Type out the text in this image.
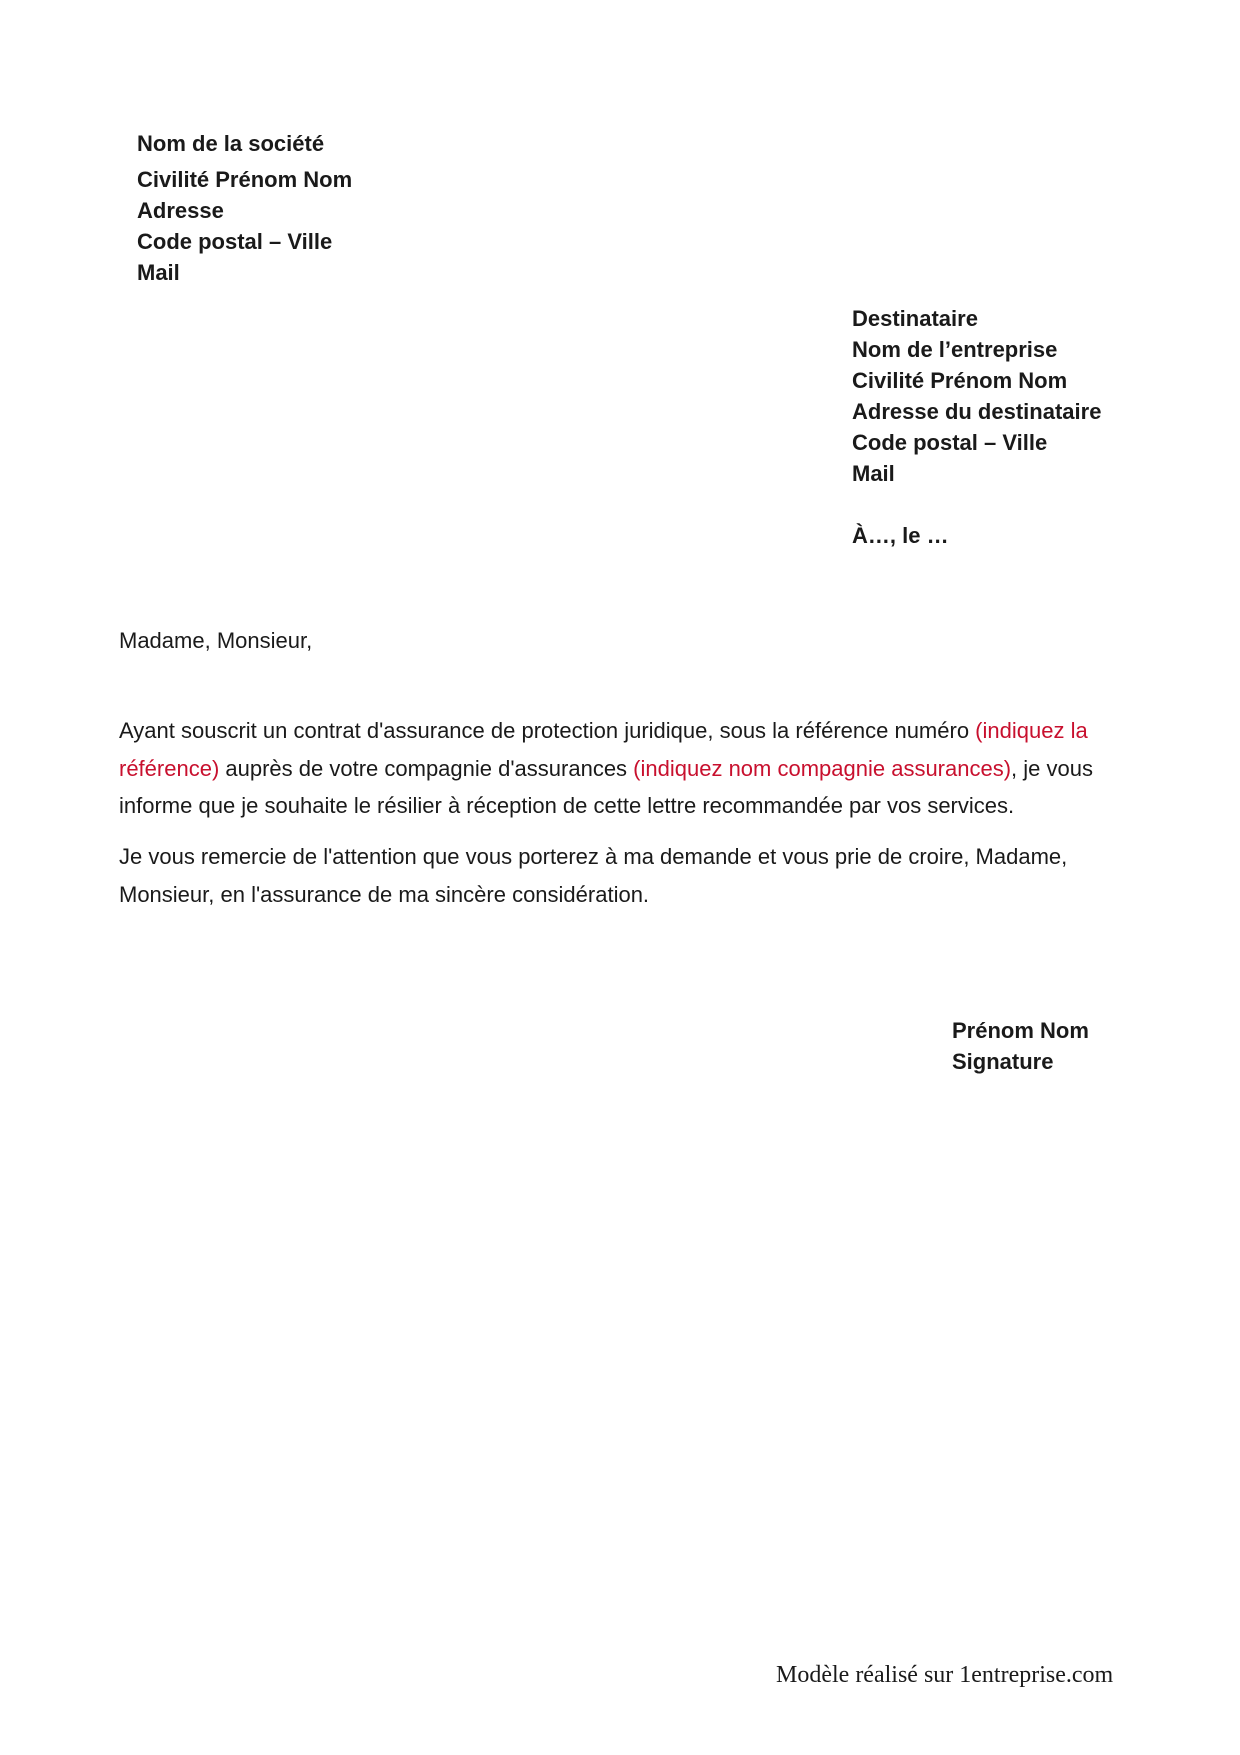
Nom de la société
Civilité Prénom Nom
Adresse
Code postal – Ville
Mail
Destinataire
Nom de l’entreprise
Civilité Prénom Nom
Adresse du destinataire
Code postal – Ville
Mail
À…, le …
Madame, Monsieur,
Ayant souscrit un contrat d'assurance de protection juridique, sous la référence numéro (indiquez la référence) auprès de votre compagnie d'assurances (indiquez nom compagnie assurances), je vous informe que je souhaite le résilier à réception de cette lettre recommandée par vos services.
Je vous remercie de l'attention que vous porterez à ma demande et vous prie de croire, Madame, Monsieur, en l'assurance de ma sincère considération.
Prénom Nom
Signature
Modèle réalisé sur 1entreprise.com
